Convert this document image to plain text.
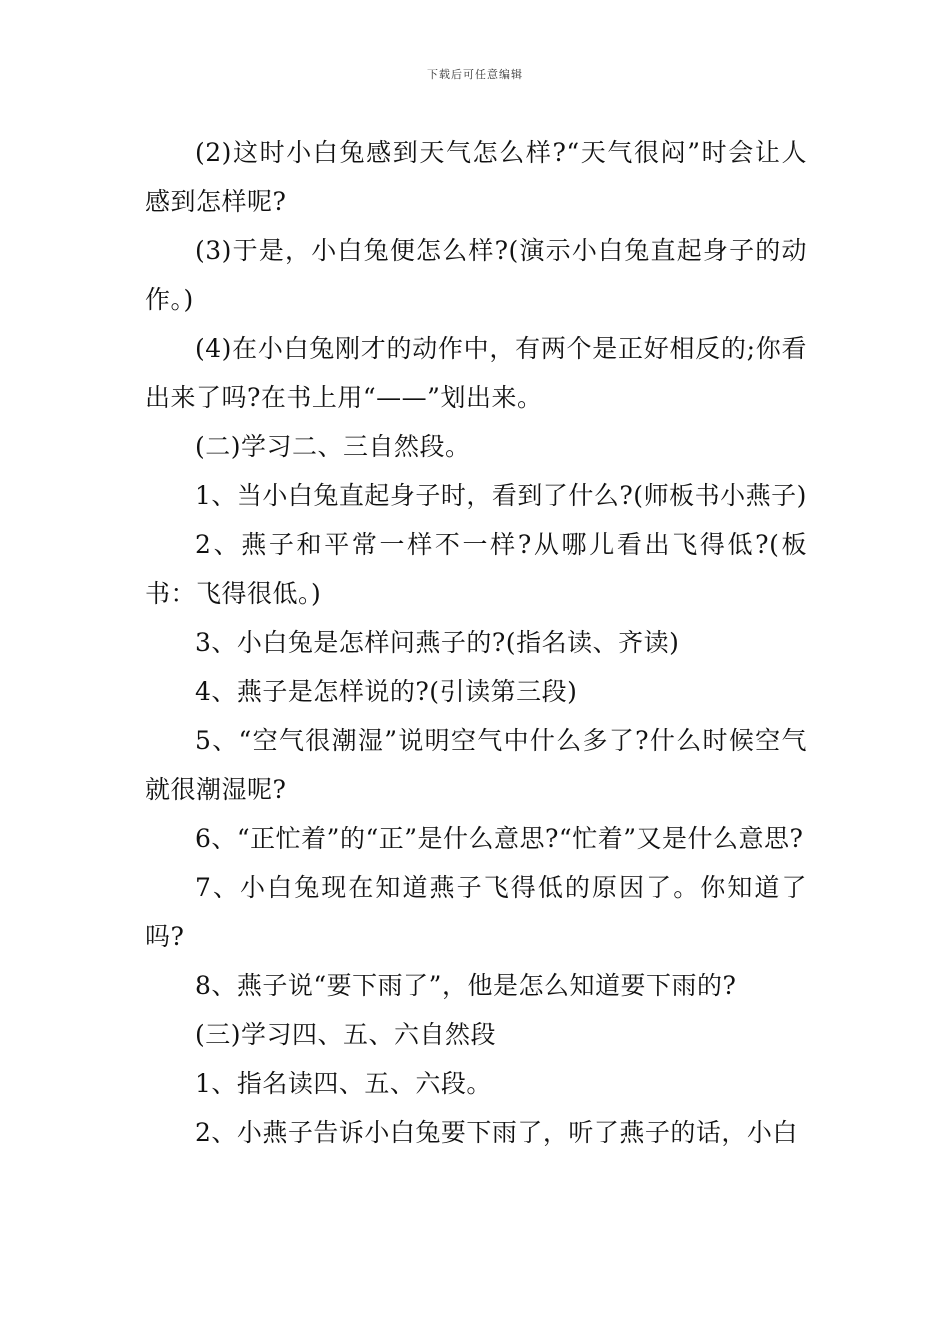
下载后可任意编辑

(2)这时小白兔感到天气怎么样?“天气很闷”时会让人感到怎样呢?

(3)于是，小白兔便怎么样?(演示小白兔直起身子的动作。)

(4)在小白兔刚才的动作中，有两个是正好相反的;你看出来了吗?在书上用“——”划出来。

(二)学习二、三自然段。

1、当小白兔直起身子时，看到了什么?(师板书小燕子)

2、燕子和平常一样不一样?从哪儿看出飞得低?(板书：飞得很低。)

3、小白兔是怎样问燕子的?(指名读、齐读)

4、燕子是怎样说的?(引读第三段)

5、“空气很潮湿”说明空气中什么多了?什么时候空气就很潮湿呢?

6、“正忙着”的“正”是什么意思?“忙着”又是什么意思?

7、小白兔现在知道燕子飞得低的原因了。你知道了吗?

8、燕子说“要下雨了”，他是怎么知道要下雨的?

(三)学习四、五、六自然段

1、指名读四、五、六段。

2、小燕子告诉小白兔要下雨了，听了燕子的话，小白
